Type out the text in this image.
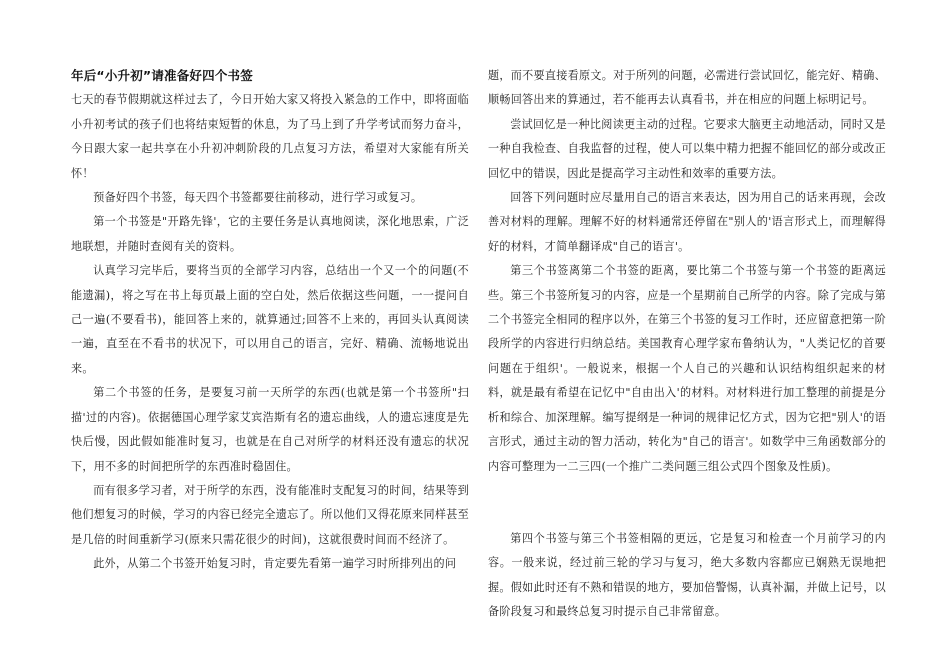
年后“小升初”请准备好四个书签

七天的春节假期就这样过去了，今日开始大家又将投入紧急的工作中，即将面临小升初考试的孩子们也将结束短暂的休息，为了马上到了升学考试而努力奋斗，今日跟大家一起共享在小升初冲刺阶段的几点复习方法，希望对大家能有所关怀！

预备好四个书签，每天四个书签都要往前移动，进行学习或复习。

第一个书签是"开路先锋'，它的主要任务是认真地阅读，深化地思索，广泛地联想，并随时查阅有关的资料。

认真学习完毕后，要将当页的全部学习内容，总结出一个又一个的问题(不能遗漏)，将之写在书上每页最上面的空白处，然后依据这些问题，一一提问自己一遍(不要看书)，能回答上来的，就算通过;回答不上来的，再回头认真阅读一遍，直至在不看书的状况下，可以用自己的语言，完好、精确、流畅地说出来。

第二个书签的任务，是要复习前一天所学的东西(也就是第一个书签所"扫描'过的内容)。依据德国心理学家艾宾浩斯有名的遗忘曲线，人的遗忘速度是先快后慢，因此假如能准时复习，也就是在自己对所学的材料还没有遗忘的状况下，用不多的时间把所学的东西准时稳固住。

而有很多学习者，对于所学的东西，没有能准时支配复习的时间，结果等到他们想复习的时候，学习的内容已经完全遗忘了。所以他们又得花原来同样甚至是几倍的时间重新学习(原来只需花很少的时间)，这就很费时间而不经济了。

此外，从第二个书签开始复习时，肯定要先看第一遍学习时所排列出的问

题，而不要直接看原文。对于所列的问题，必需进行尝试回忆，能完好、精确、顺畅回答出来的算通过，若不能再去认真看书，并在相应的问题上标明记号。

尝试回忆是一种比阅读更主动的过程。它要求大脑更主动地活动，同时又是一种自我检查、自我监督的过程，使人可以集中精力把握不能回忆的部分或改正回忆中的错误，因此是提高学习主动性和效率的重要方法。

回答下列问题时应尽量用自己的语言来表达，因为用自己的话来再现，会改善对材料的理解。理解不好的材料通常还停留在"别人的'语言形式上，而理解得好的材料，才简单翻译成"自己的语言'。

第三个书签离第二个书签的距离，要比第二个书签与第一个书签的距离远些。第三个书签所复习的内容，应是一个星期前自己所学的内容。除了完成与第二个书签完全相同的程序以外，在第三个书签的复习工作时，还应留意把第一阶段所学的内容进行归纳总结。美国教育心理学家布鲁纳认为，"人类记忆的首要问题在于组织'。一般说来，根据一个人自己的兴趣和认识结构组织起来的材料，就是最有希望在记忆中"自由出入'的材料。对材料进行加工整理的前提是分析和综合、加深理解。编写提纲是一种词的规律记忆方式，因为它把"别人'的语言形式，通过主动的智力活动，转化为"自己的语言'。如数学中三角函数部分的内容可整理为一二三四(一个推广二类问题三组公式四个图象及性质)。

第四个书签与第三个书签相隔的更远，它是复习和检查一个月前学习的内容。一般来说，经过前三轮的学习与复习，绝大多数内容都应已娴熟无误地把握。假如此时还有不熟和错误的地方，要加倍警惕，认真补漏，并做上记号，以备阶段复习和最终总复习时提示自己非常留意。
